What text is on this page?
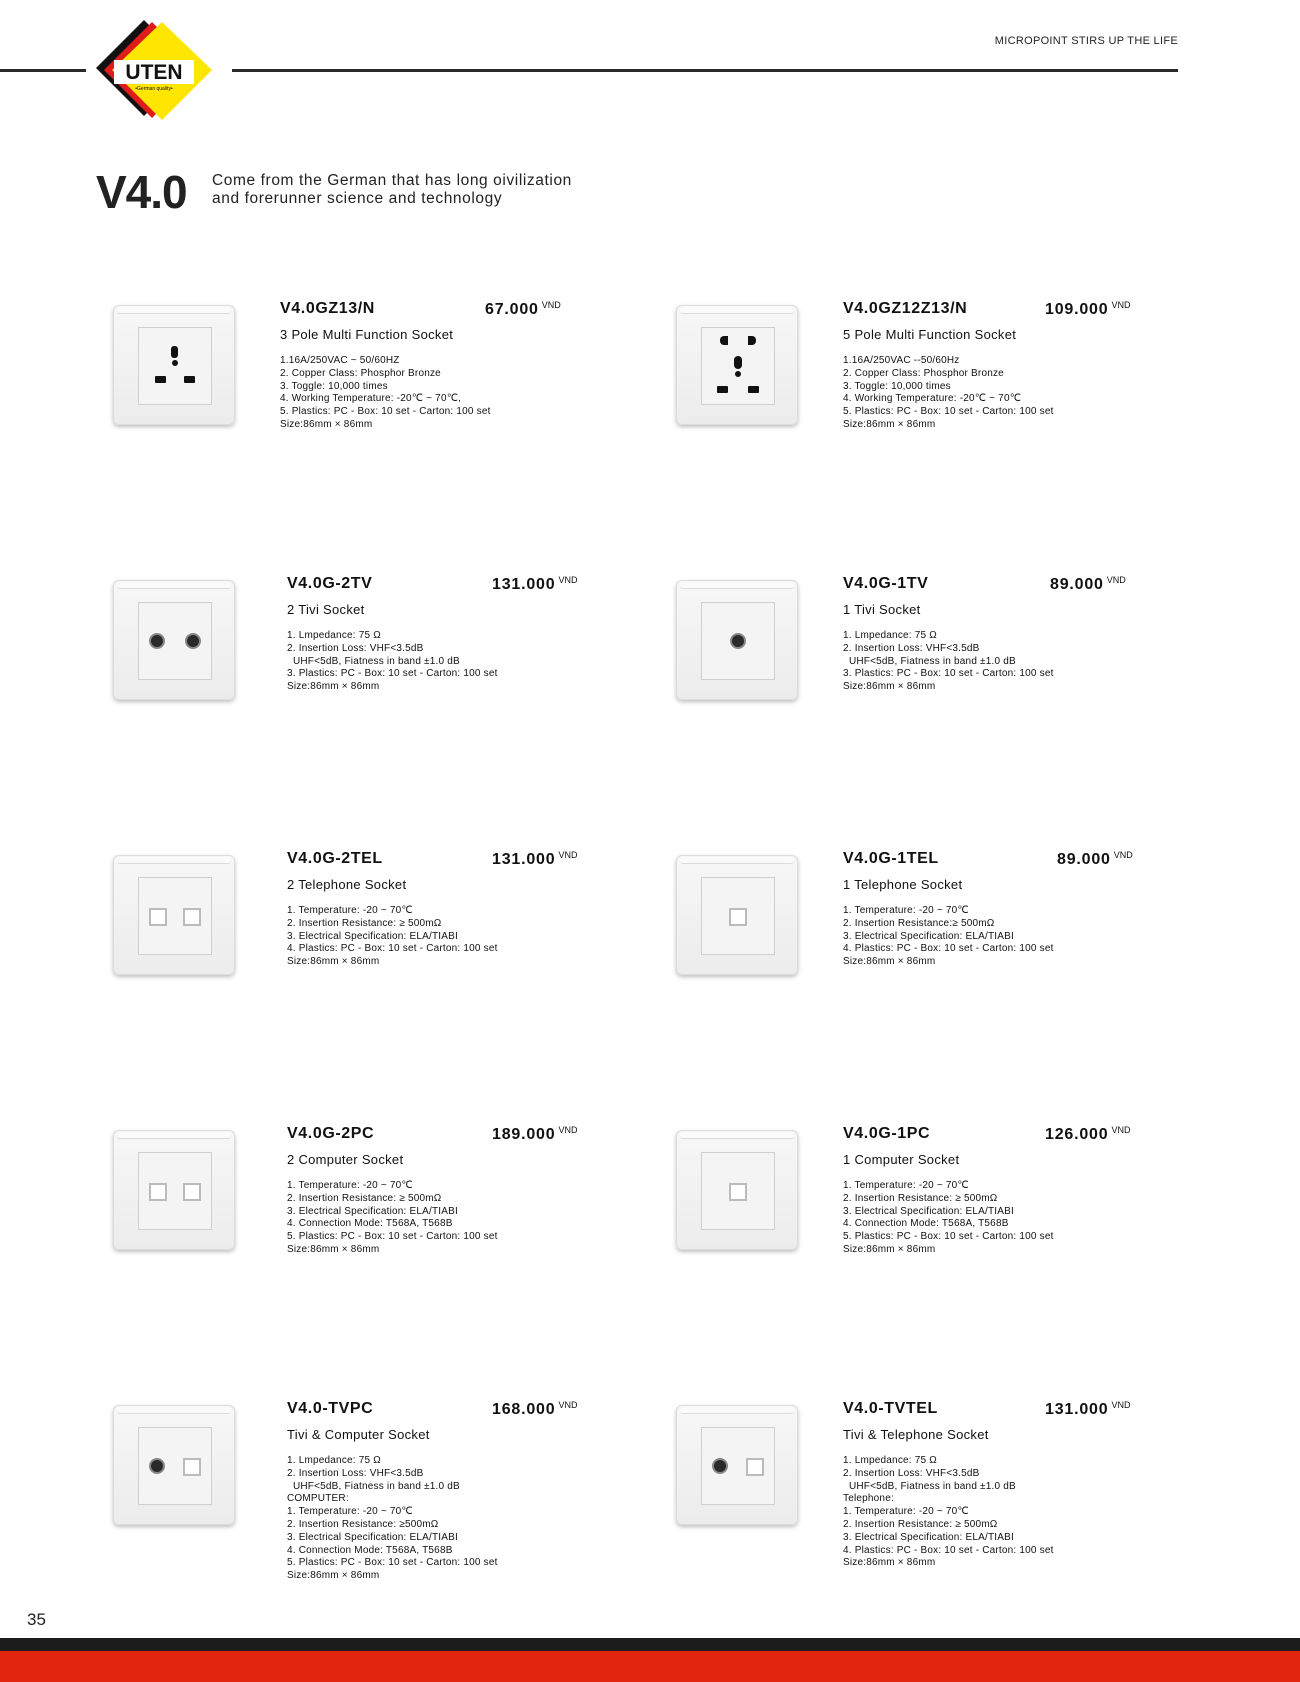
UTEN
•German quality•
MICROPOINT STIRS UP THE LIFE
V4.0 Come from the German that has long oivilization
and forerunner science and technology
V4.0GZ13/N	67.000 $^{VND}$
3 Pole Multi Function Socket
1.16A/250VAC ~ 50/60HZ
2. Copper Class: Phosphor Bronze
3. Toggle: 10,000 times
4. Working Temperature: -20℃ ~ 70℃,
5. Plastics: PC - Box: 10 set - Carton: 100 set
Size:86mm × 86mm
V4.0GZ12Z13/N	109.000 $^{VND}$
5 Pole Multi Function Socket
1.16A/250VAC --50/60Hz
2. Copper Class: Phosphor Bronze
3. Toggle: 10,000 times
4. Working Temperature: -20℃ ~ 70℃
5. Plastics: PC - Box: 10 set - Carton: 100 set
Size:86mm × 86mm
V4.0G-2TV	131.000 $^{VND}$
2 Tivi Socket
1. Lmpedance: 75 Ω
2. Insertion Loss: VHF<3.5dB
UHF<5dB, Fiatness in band ±1.0 dB
3. Plastics: PC - Box: 10 set - Carton: 100 set
Size:86mm × 86mm
V4.0G-1TV	89.000 $^{VND}$
1 Tivi Socket
1. Lmpedance: 75 Ω
2. Insertion Loss: VHF<3.5dB
UHF<5dB, Fiatness in band ±1.0 dB
3. Plastics: PC - Box: 10 set - Carton: 100 set
Size:86mm × 86mm
V4.0G-2TEL	131.000 $^{VND}$
2 Telephone Socket
1. Temperature: -20 ~ 70℃
2. Insertion Resistance: ≥ 500mΩ
3. Electrical Specification: ELA/TIABI
4. Plastics: PC - Box: 10 set - Carton: 100 set
Size:86mm × 86mm
V4.0G-1TEL	89.000 $^{VND}$
1 Telephone Socket
1. Temperature: -20 ~ 70℃
2. Insertion Resistance:≥ 500mΩ
3. Electrical Specification: ELA/TIABI
4. Plastics: PC - Box: 10 set - Carton: 100 set
Size:86mm × 86mm
V4.0G-2PC	189.000 $^{VND}$
2 Computer Socket
1. Temperature: -20 ~ 70℃
2. Insertion Resistance: ≥ 500mΩ
3. Electrical Specification: ELA/TIABI
4. Connection Mode: T568A, T568B
5. Plastics: PC - Box: 10 set - Carton: 100 set
Size:86mm × 86mm
V4.0G-1PC	126.000 $^{VND}$
1 Computer Socket
1. Temperature: -20 ~ 70℃
2. Insertion Resistance: ≥ 500mΩ
3. Electrical Specification: ELA/TIABI
4. Connection Mode: T568A, T568B
5. Plastics: PC - Box: 10 set - Carton: 100 set
Size:86mm × 86mm
V4.0-TVPC	168.000 $^{VND}$
Tivi & Computer Socket
1. Lmpedance: 75 Ω
2. Insertion Loss: VHF<3.5dB
UHF<5dB, Fiatness in band ±1.0 dB
COMPUTER:
1. Temperature: -20 ~ 70℃
2. Insertion Resistance: ≥500mΩ
3. Electrical Specification: ELA/TIABI
4. Connection Mode: T568A, T568B
5. Plastics: PC - Box: 10 set - Carton: 100 set
Size:86mm × 86mm
V4.0-TVTEL	131.000 $^{VND}$
Tivi & Telephone Socket
1. Lmpedance: 75 Ω
2. Insertion Loss: VHF<3.5dB
UHF<5dB, Fiatness in band ±1.0 dB
Telephone:
1. Temperature: -20 ~ 70℃
2. Insertion Resistance: ≥ 500mΩ
3. Electrical Specification: ELA/TIABI
4. Plastics: PC - Box: 10 set - Carton: 100 set
Size:86mm × 86mm
35
